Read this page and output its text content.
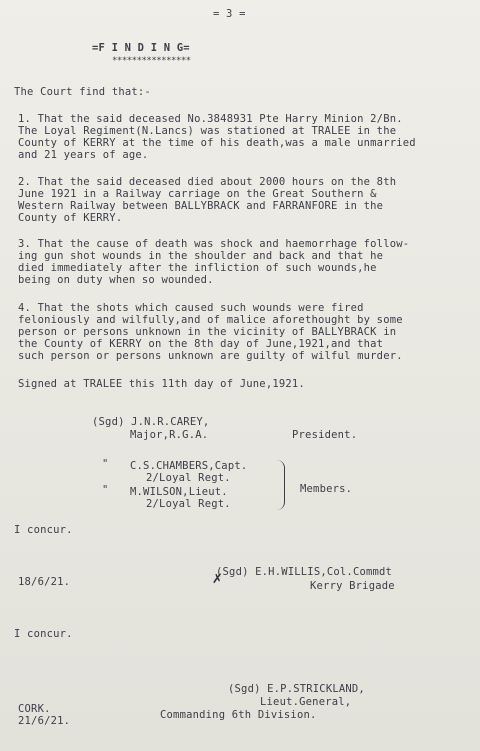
= 3 =
=F I N D I N G=
****************
The Court find that:-
1. That the said deceased No.3848931 Pte Harry Minion 2/Bn.
The Loyal Regiment(N.Lancs) was stationed at TRALEE in the
County of KERRY at the time of his death,was a male unmarried
and 21 years of age.
2. That the said deceased died about 2000 hours on the 8th
June 1921 in a Railway carriage on the Great Southern &
Western Railway between BALLYBRACK and FARRANFORE in the
County of KERRY.
3. That the cause of death was shock and haemorrhage follow-
ing gun shot wounds in the shoulder and back and that he
died immediately after the infliction of such wounds,he
being on duty when so wounded.
4. That the shots which caused such wounds were fired
feloniously and wilfully,and of malice aforethought by some
person or persons unknown in the vicinity of BALLYBRACK in
the County of KERRY on the 8th day of June,1921,and that
such person or persons unknown are guilty of wilful murder.
Signed at TRALEE this 11th day of June,1921.
(Sgd) J.N.R.CAREY,
Major,R.G.A.	President.
" C.S.CHAMBERS,Capt.
2/Loyal Regt.
" M.WILSON,Lieut.
2/Loyal Regt.
Members.
I concur.
(Sgd) E.H.WILLIS,Col.Commdt
18/6/21.	✗	Kerry Brigade
I concur.
(Sgd) E.P.STRICKLAND,
Lieut.General,
CORK.	Commanding 6th Division.
21/6/21.
